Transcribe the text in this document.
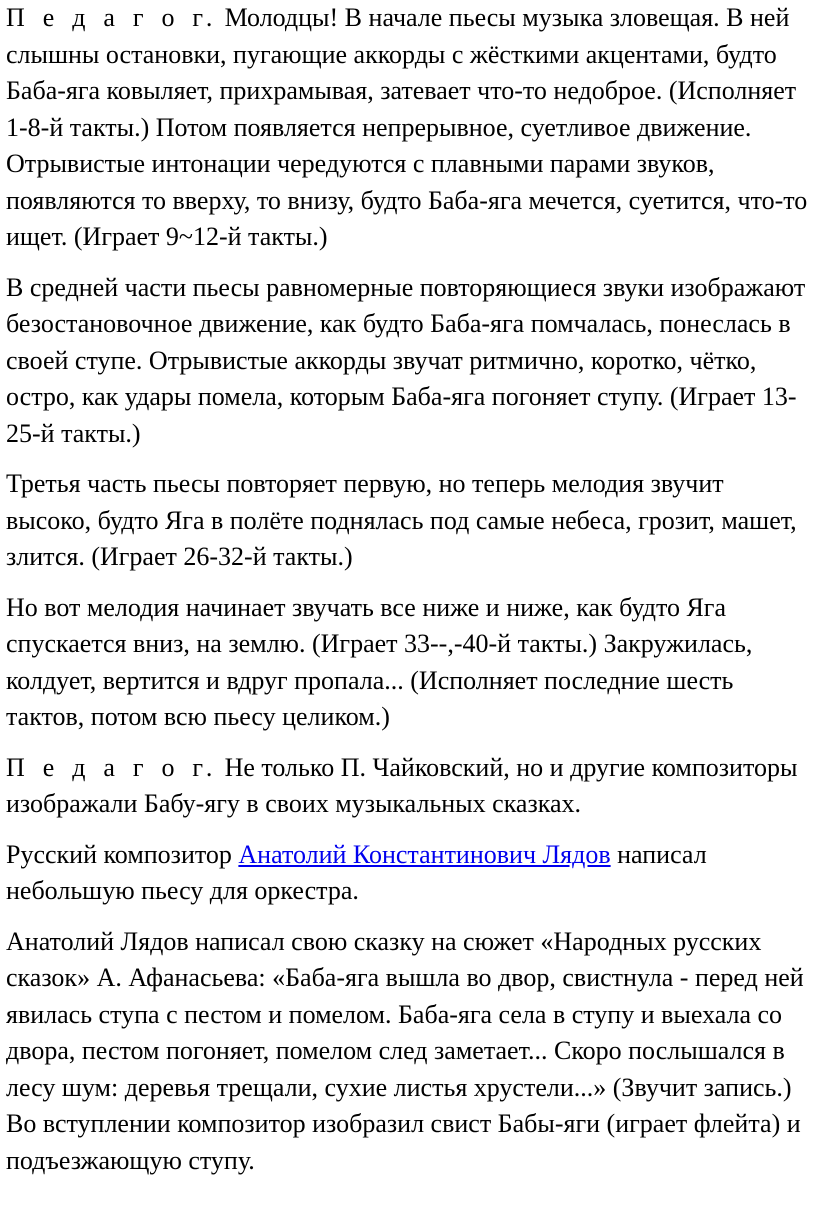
П е д а г о г. Молодцы! В начале пьесы музыка зловещая. В ней слышны остановки, пугающие аккорды с жёсткими акцентами, будто Баба-яга ковыляет, прихрамывая, затевает что-то недоброе. (Исполняет 1-8-й такты.) Потом появляется непрерывное, суетливое движение. Отрывистые интонации чередуются с плавными парами звуков, появляются то вверху, то внизу, будто Баба-яга мечется, суетится, что-то ищет. (Играет 9~12-й такты.)

В средней части пьесы равномерные повторяющиеся звуки изображают безостановочное движение, как будто Баба-яга помчалась, понеслась в своей ступе. Отрывистые аккорды звучат ритмично, коротко, чётко, остро, как удары помела, которым Баба-яга погоняет ступу. (Играет 13-25-й такты.)

Третья часть пьесы повторяет первую, но теперь мелодия звучит высоко, будто Яга в полёте поднялась под самые небеса, грозит, машет, злится. (Играет 26-32-й такты.)

Но вот мелодия начинает звучать все ниже и ниже, как будто Яга спускается вниз, на землю. (Играет 33--,-40-й такты.) Закружилась, колдует, вертится и вдруг пропала... (Исполняет последние шесть тактов, потом всю пьесу целиком.)

П е д а г о г. Не только П. Чайковский, но и другие композиторы изображали Бабу-ягу в своих музыкальных сказках.

Русский композитор Анатолий Константинович Лядов написал небольшую пьесу для оркестра.

Анатолий Лядов написал свою сказку на сюжет «Народных русских сказок» А. Афанасьева: «Баба-яга вышла во двор, свистнула - перед ней явилась ступа с пестом и помелом. Баба-яга села в ступу и выехала со двора, пестом погоняет, помелом след заметает... Скоро послышался в лесу шум: деревья трещали, сухие листья хрустели...» (Звучит запись.) Во вступлении композитор изобразил свист Бабы-яги (играет флейта) и подъезжающую ступу.
